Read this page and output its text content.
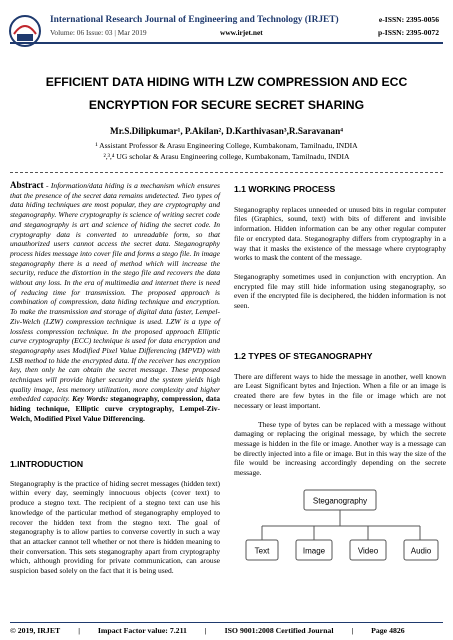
International Research Journal of Engineering and Technology (IRJET)	e-ISSN: 2395-0056
Volume: 06 Issue: 03 | Mar 2019	www.irjet.net	p-ISSN: 2395-0072
EFFICIENT DATA HIDING WITH LZW COMPRESSION AND ECC
ENCRYPTION FOR SECURE SECRET SHARING
Mr.S.Dilipkumar¹, P.Akilan², D.Karthivasan³,R.Saravanan⁴
¹ Assistant Professor & Arasu Engineering College, Kumbakonam, Tamilnadu, INDIA
²,³,⁴ UG scholar & Arasu Engineering college, Kumbakonam, Tamilnadu, INDIA

Abstract - Information/data hiding is a mechanism which ensures that the presence of the secret data remains undetected. Two types of data hiding techniques are most popular, they are cryptography and steganography. Where cryptography is science of writing secret code and steganography is art and science of hiding the secret code. In cryptography data is converted to unreadable form, so that unauthorized users cannot access the secret data. Steganography process hides message into cover file and forms a stego file. In image steganography there is a need of method which will increase the security, reduce the distortion in the stego file and recovers the data without any loss. In the era of multimedia and internet there is need of reducing time for transmission. The proposed approach is combination of compression, data hiding technique and encryption. To make the transmission and storage of digital data faster, Lempel-Ziv-Welch (LZW) compression technique is used. LZW is a type of lossless compression technique. In the proposed approach Elliptic curve cryptography (ECC) technique is used for data encryption and steganography uses Modified Pixel Value Differencing (MPVD) with LSB method to hide the encrypted data. If the receiver has encryption key, then only he can obtain the secret message. These proposed techniques will provide higher security and the system yields high quality image, less memory utilization, more complexity and higher embedded capacity. Key Words: steganography, compression, data hiding technique, Elliptic curve cryptography, Lempel-Ziv-Welch, Modified Pixel Value Differencing.

1.INTRODUCTION

Steganography is the practice of hiding secret messages (hidden text) within every day, seemingly innocuous objects (cover text) to produce a stegno text. The recipient of a stegno text can use his knowledge of the particular method of steganography employed to recover the hidden text from the stegno text. The goal of steganography is to allow parties to converse covertly in such a way that an attacker cannot tell whether or not there is hidden meaning to their conversation. This sets steganography apart from cryptography which, although providing for private communication, can arouse suspicion based solely on the fact that it is being used.

1.1 WORKING PROCESS

Steganography replaces unneeded or unused bits in regular computer files (Graphics, sound, text) with bits of different and invisible information. Hidden information can be any other regular computer file or encrypted data. Steganography differs from cryptography in a way that it masks the existence of the message where cryptography works to mask the content of the message.

Steganography sometimes used in conjunction with encryption. An encrypted file may still hide information using steganography, so even if the encrypted file is deciphered, the hidden information is not seen.

1.2 TYPES OF STEGANOGRAPHY

There are different ways to hide the message in another, well known are Least Significant bytes and Injection. When a file or an image is created there are few bytes in the file or image which are not necessary or least important.

These type of bytes can be replaced with a message without damaging or replacing the original message, by which the secrete message is hidden in the file or image. Another way is a message can be directly injected into a file or image. But in this way the size of the file would be increasing accordingly depending on the secrete message.

Steganography
Text	Image	Video	Audio
© 2019, IRJET | Impact Factor value: 7.211 | ISO 9001:2008 Certified Journal | Page 4826
